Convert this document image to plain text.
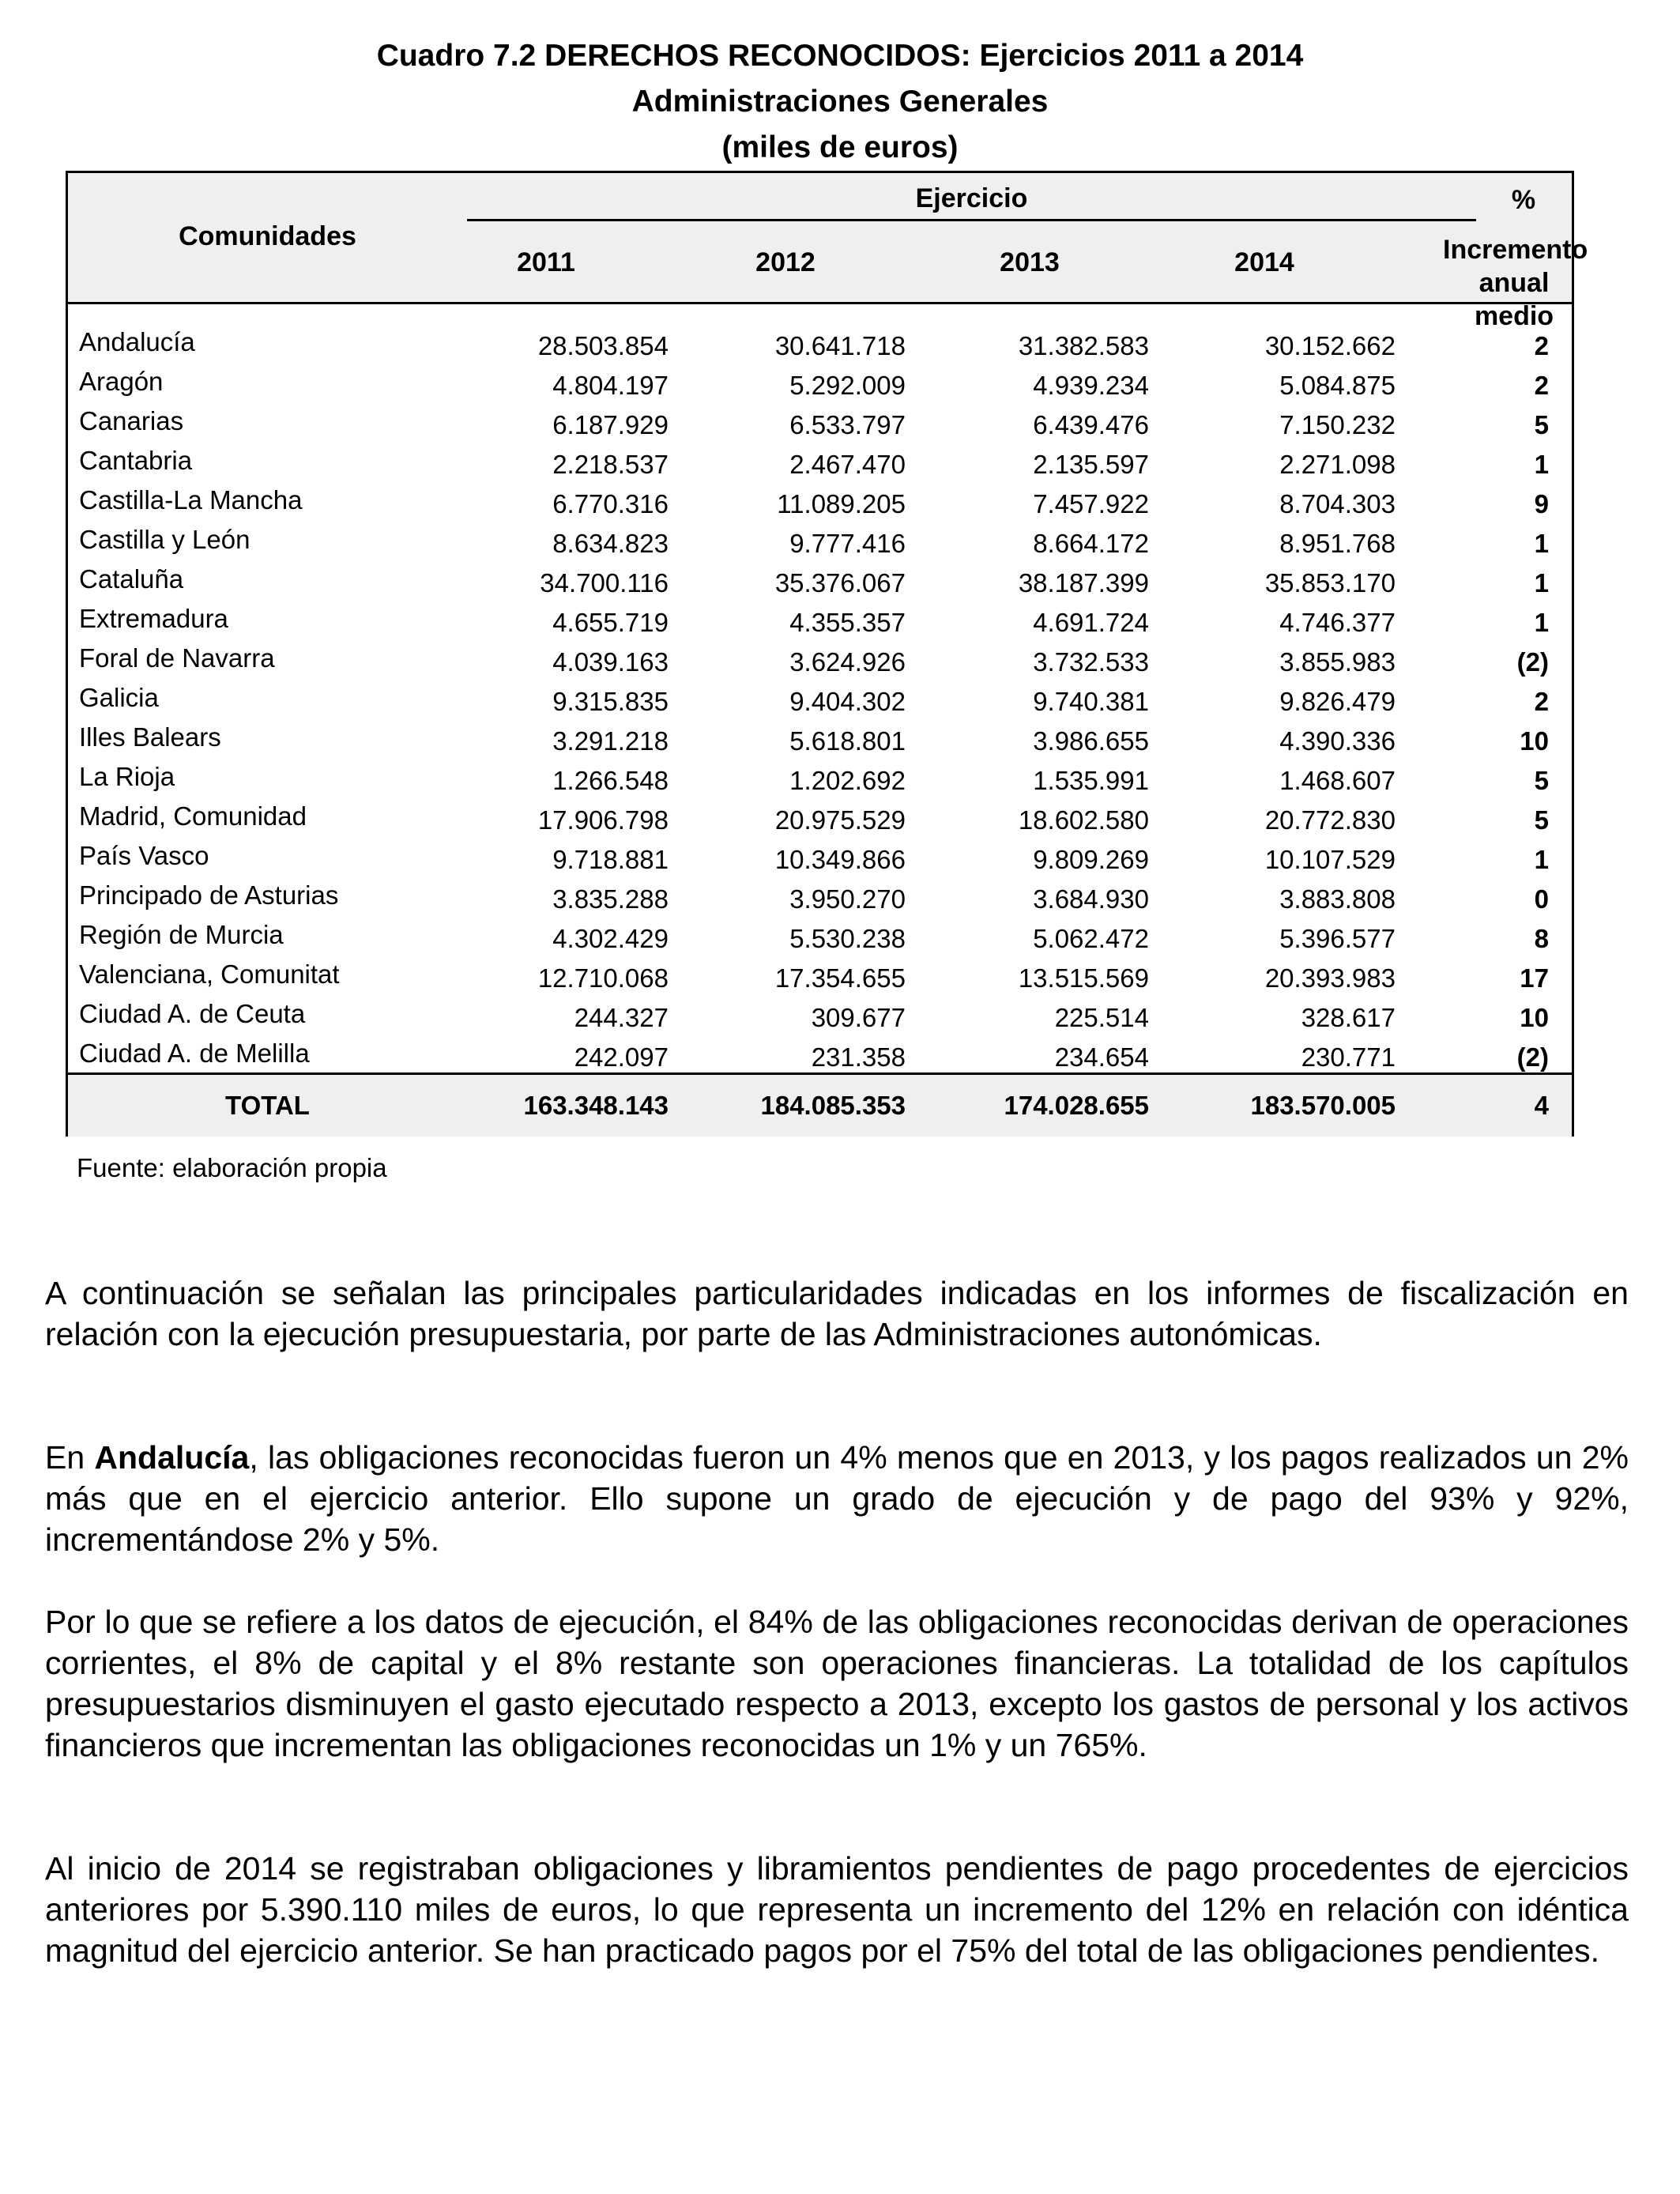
Cuadro 7.2 DERECHOS RECONOCIDOS: Ejercicios 2011 a 2014
Administraciones Generales
(miles de euros)
Comunidades
Ejercicio
2011	2012	2013	2014
%
Incremento
anual medio
Andalucía	28.503.854	30.641.718	31.382.583	30.152.662	2
Aragón	4.804.197	5.292.009	4.939.234	5.084.875	2
Canarias	6.187.929	6.533.797	6.439.476	7.150.232	5
Cantabria	2.218.537	2.467.470	2.135.597	2.271.098	1
Castilla-La Mancha	6.770.316	11.089.205	7.457.922	8.704.303	9
Castilla y León	8.634.823	9.777.416	8.664.172	8.951.768	1
Cataluña	34.700.116	35.376.067	38.187.399	35.853.170	1
Extremadura	4.655.719	4.355.357	4.691.724	4.746.377	1
Foral de Navarra	4.039.163	3.624.926	3.732.533	3.855.983	(2)
Galicia	9.315.835	9.404.302	9.740.381	9.826.479	2
Illes Balears	3.291.218	5.618.801	3.986.655	4.390.336	10
La Rioja	1.266.548	1.202.692	1.535.991	1.468.607	5
Madrid, Comunidad	17.906.798	20.975.529	18.602.580	20.772.830	5
País Vasco	9.718.881	10.349.866	9.809.269	10.107.529	1
Principado de Asturias	3.835.288	3.950.270	3.684.930	3.883.808	0
Región de Murcia	4.302.429	5.530.238	5.062.472	5.396.577	8
Valenciana, Comunitat	12.710.068	17.354.655	13.515.569	20.393.983	17
Ciudad A. de Ceuta	244.327	309.677	225.514	328.617	10
Ciudad A. de Melilla	242.097	231.358	234.654	230.771	(2)
TOTAL	163.348.143	184.085.353	174.028.655	183.570.005	4
Fuente: elaboración propia
A continuación se señalan las principales particularidades indicadas en los informes de fiscalización en relación con la ejecución presupuestaria, por parte de las Administraciones autonómicas.
En Andalucía, las obligaciones reconocidas fueron un 4% menos que en 2013, y los pagos realizados un 2% más que en el ejercicio anterior. Ello supone un grado de ejecución y de pago del 93% y 92%, incrementándose 2% y 5%.
Por lo que se refiere a los datos de ejecución, el 84% de las obligaciones reconocidas derivan de operaciones corrientes, el 8% de capital y el 8% restante son operaciones financieras. La totalidad de los capítulos presupuestarios disminuyen el gasto ejecutado respecto a 2013, excepto los gastos de personal y los activos financieros que incrementan las obligaciones reconocidas un 1% y un 765%.
Al inicio de 2014 se registraban obligaciones y libramientos pendientes de pago procedentes de ejercicios anteriores por 5.390.110 miles de euros, lo que representa un incremento del 12% en relación con idéntica magnitud del ejercicio anterior. Se han practicado pagos por el 75% del total de las obligaciones pendientes.
